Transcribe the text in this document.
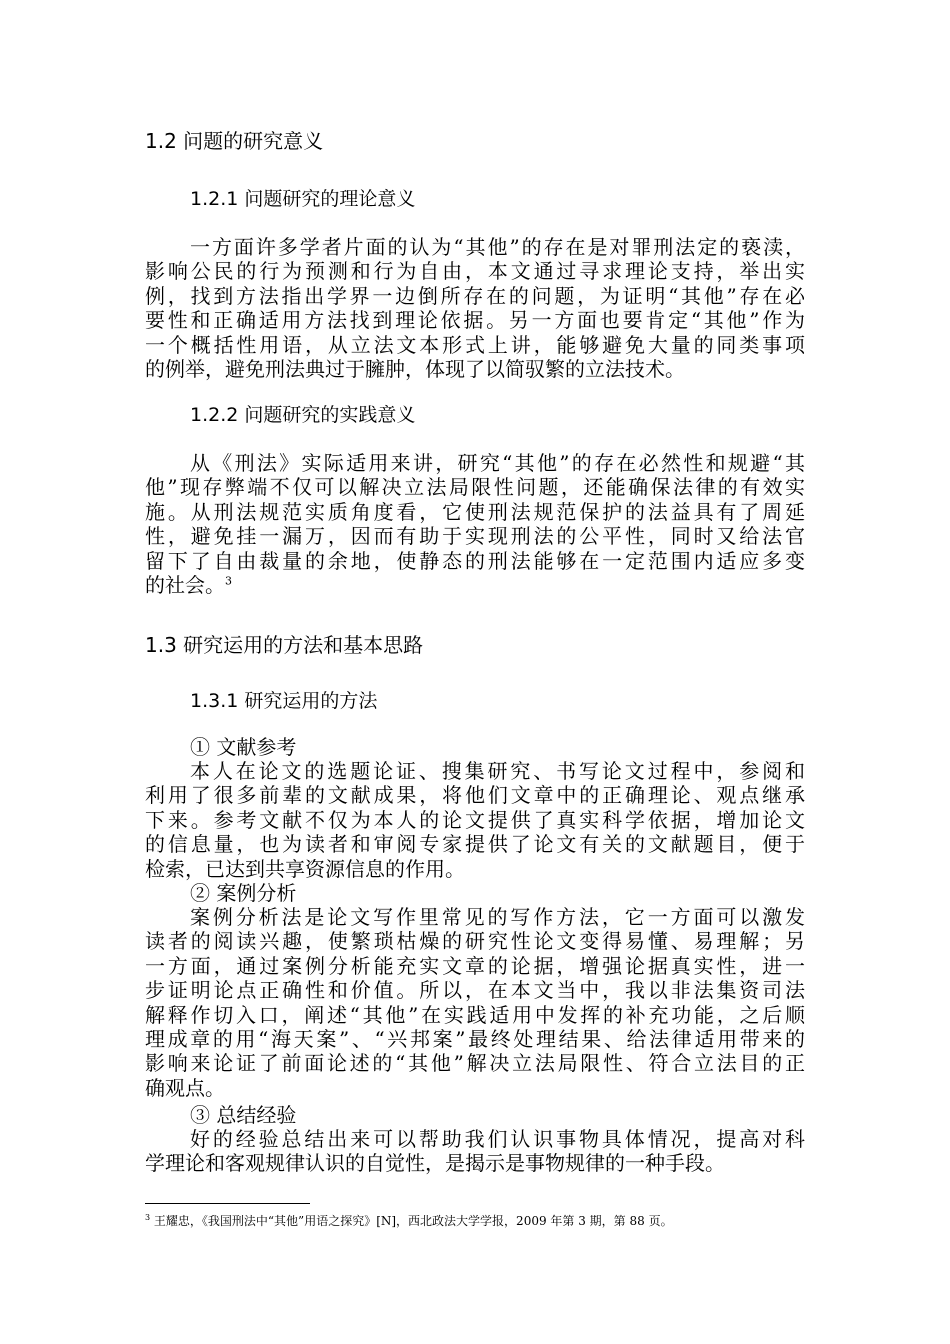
1.2 问题的研究意义
1.2.1 问题研究的理论意义
一方面许多学者片面的认为“其他”的存在是对罪刑法定的亵渎，
影响公民的行为预测和行为自由，本文通过寻求理论支持，举出实
例，找到方法指出学界一边倒所存在的问题，为证明“其他”存在必
要性和正确适用方法找到理论依据。另一方面也要肯定“其他”作为
一个概括性用语，从立法文本形式上讲，能够避免大量的同类事项
的例举，避免刑法典过于臃肿，体现了以简驭繁的立法技术。
1.2.2 问题研究的实践意义
从《刑法》实际适用来讲，研究“其他”的存在必然性和规避“其
他”现存弊端不仅可以解决立法局限性问题，还能确保法律的有效实
施。从刑法规范实质角度看，它使刑法规范保护的法益具有了周延
性，避免挂一漏万，因而有助于实现刑法的公平性，同时又给法官
留下了自由裁量的余地，使静态的刑法能够在一定范围内适应多变
的社会。$^3$
1.3 研究运用的方法和基本思路
1.3.1 研究运用的方法
① 文献参考
本人在论文的选题论证、搜集研究、书写论文过程中，参阅和
利用了很多前辈的文献成果，将他们文章中的正确理论、观点继承
下来。参考文献不仅为本人的论文提供了真实科学依据，增加论文
的信息量，也为读者和审阅专家提供了论文有关的文献题目，便于
检索，已达到共享资源信息的作用。
② 案例分析
案例分析法是论文写作里常见的写作方法，它一方面可以激发
读者的阅读兴趣，使繁琐枯燥的研究性论文变得易懂、易理解；另
一方面，通过案例分析能充实文章的论据，增强论据真实性，进一
步证明论点正确性和价值。所以，在本文当中，我以非法集资司法
解释作切入口，阐述“其他”在实践适用中发挥的补充功能，之后顺
理成章的用“海天案”、“兴邦案”最终处理结果、给法律适用带来的
影响来论证了前面论述的“其他”解决立法局限性、符合立法目的正
确观点。
③ 总结经验
好的经验总结出来可以帮助我们认识事物具体情况，提高对科
学理论和客观规律认识的自觉性，是揭示是事物规律的一种手段。
$^3$ 王耀忠，《我国刑法中“其他”用语之探究》[N]，西北政法大学学报，2009 年第 3 期，第 88 页。
